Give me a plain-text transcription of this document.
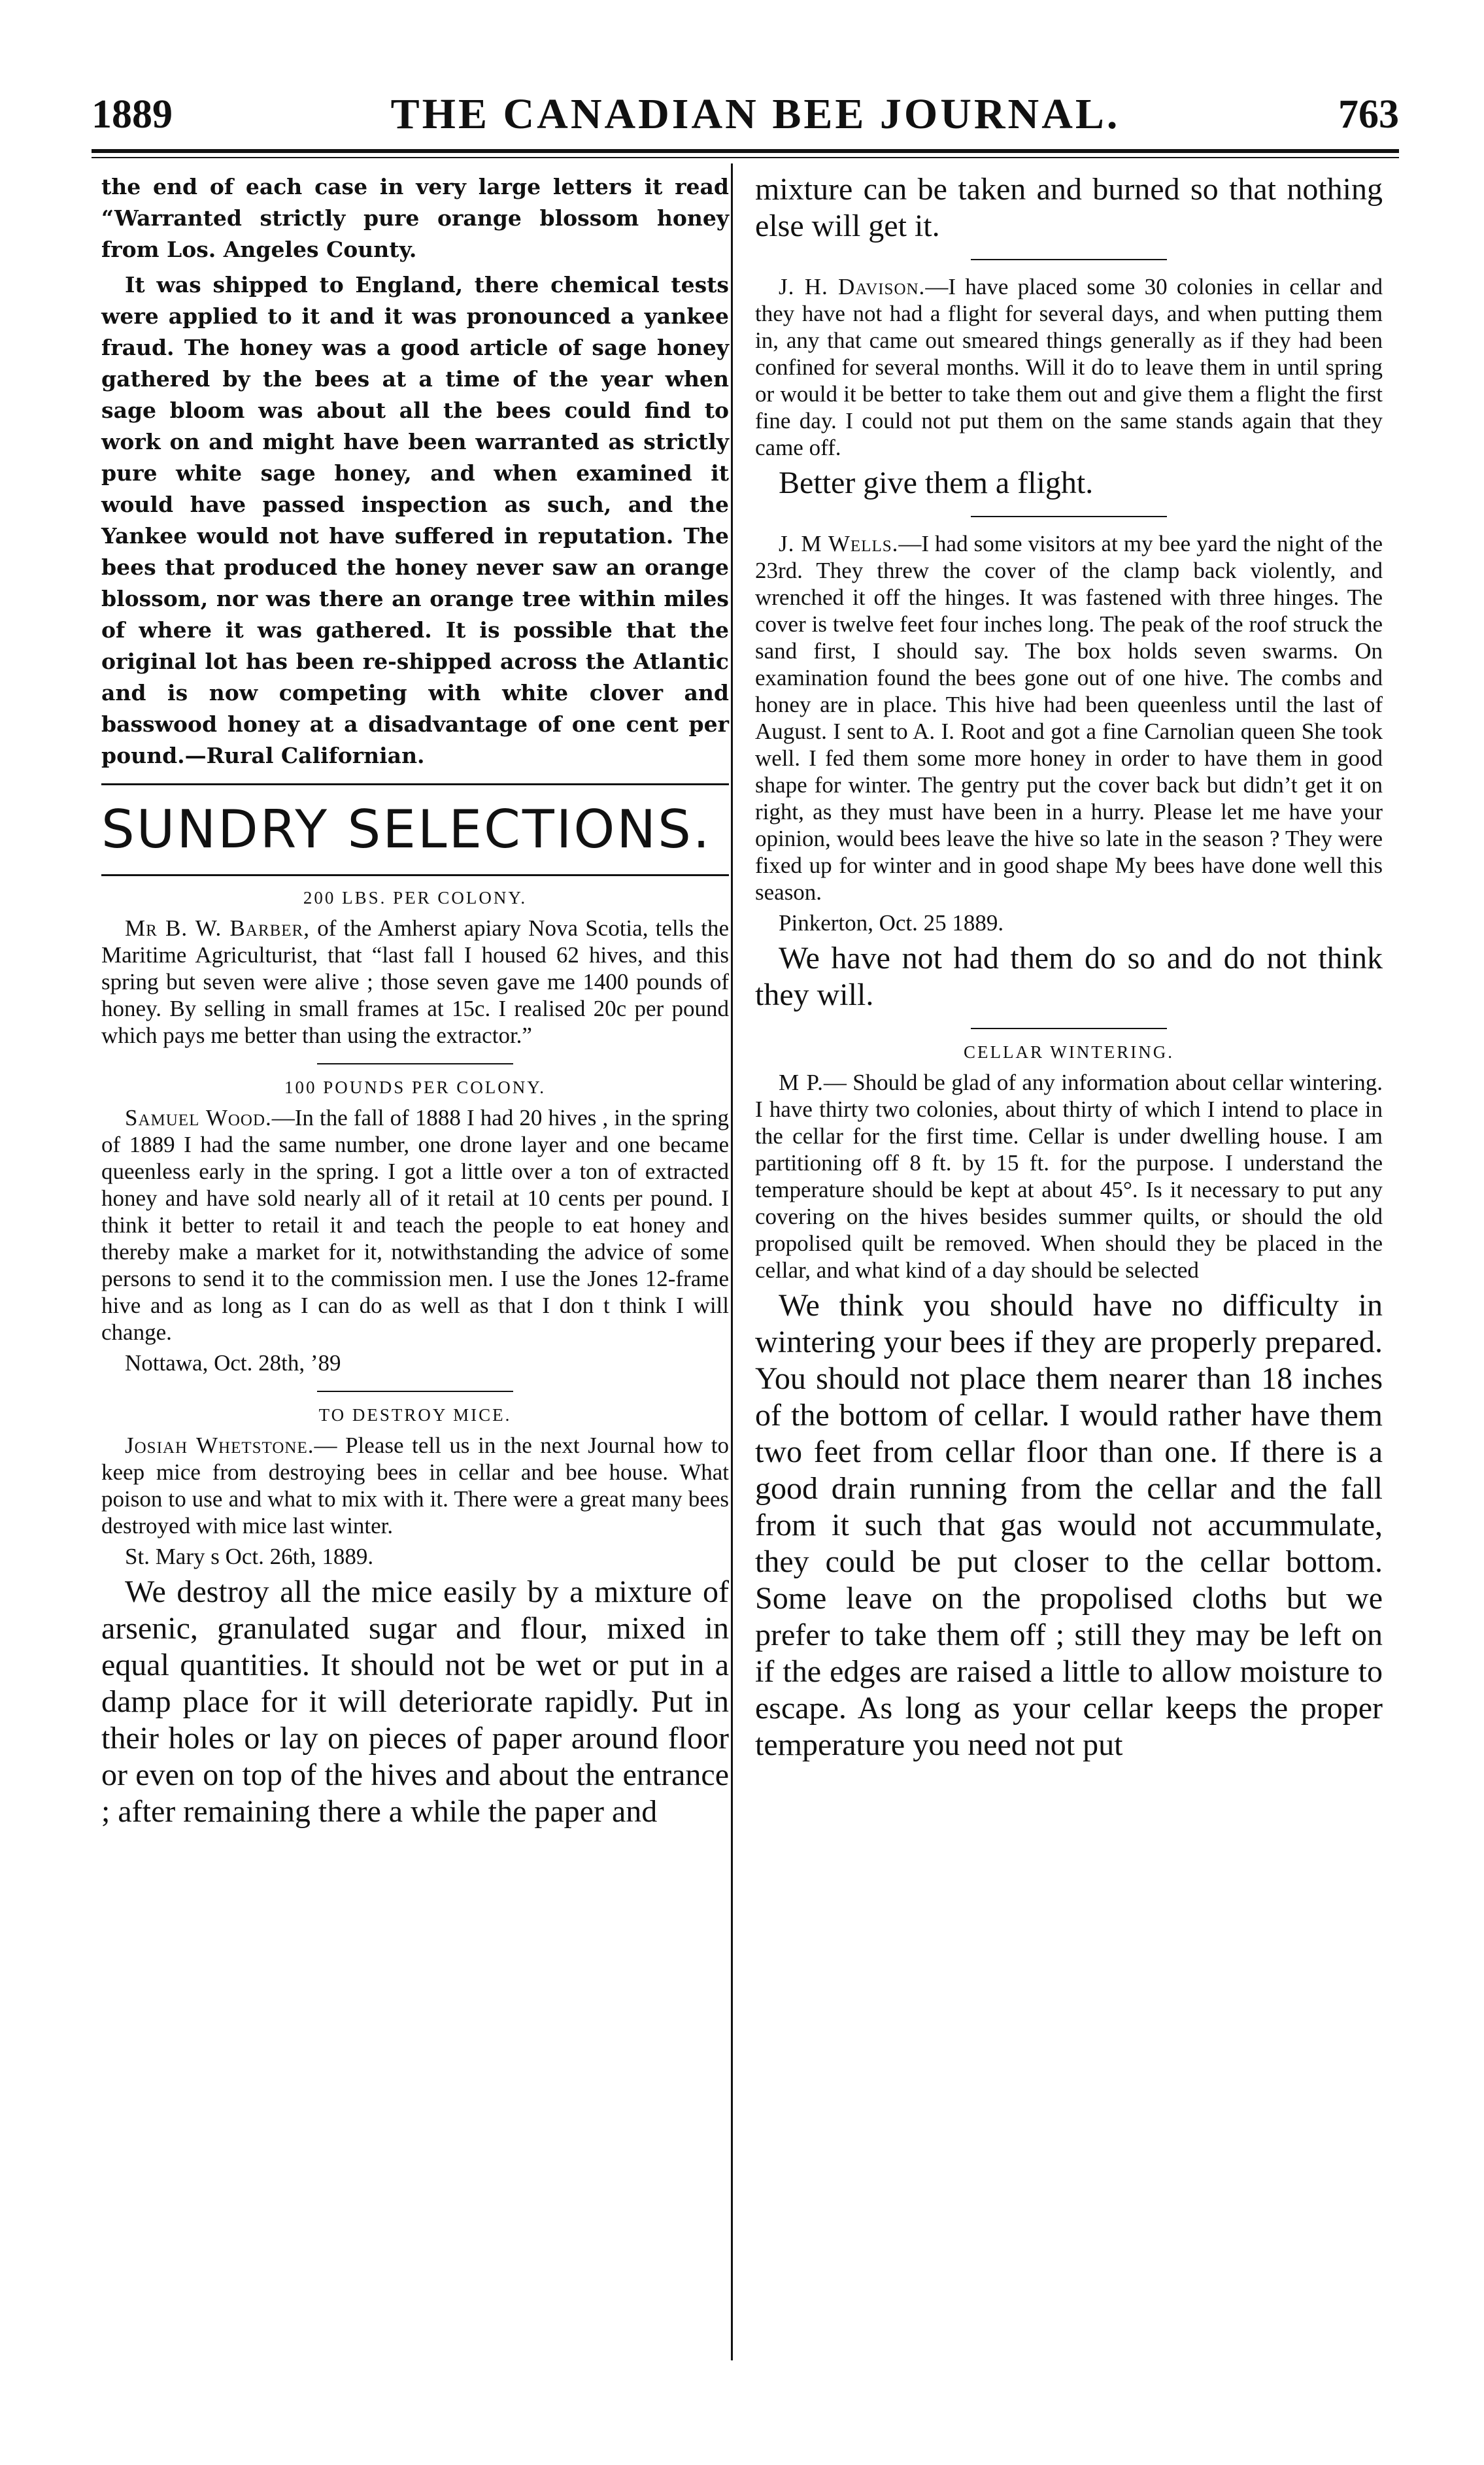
1889	THE CANADIAN BEE JOURNAL.	763

the end of each case in very large letters it read “Warranted strictly pure orange blossom honey from Los. Angeles County.

It was shipped to England, there chemical tests were applied to it and it was pronounced a yankee fraud. The honey was a good article of sage honey gathered by the bees at a time of the year when sage bloom was about all the bees could find to work on and might have been warranted as strictly pure white sage honey, and when examined it would have passed inspection as such, and the Yankee would not have suffered in reputation. The bees that produced the honey never saw an orange blossom, nor was there an orange tree within miles of where it was gathered. It is possible that the original lot has been re-shipped across the Atlantic and is now competing with white clover and basswood honey at a disadvantage of one cent per pound.—Rural Californian.

SUNDRY SELECTIONS.
200 LBS. PER COLONY.

Mr B. W. Barber, of the Amherst apiary Nova Scotia, tells the Maritime Agriculturist, that “last fall I housed 62 hives, and this spring but seven were alive ; those seven gave me 1400 pounds of honey. By selling in small frames at 15c. I realised 20c per pound which pays me better than using the extractor.”

100 POUNDS PER COLONY.

Samuel Wood.—In the fall of 1888 I had 20 hives , in the spring of 1889 I had the same number, one drone layer and one became queenless early in the spring. I got a little over a ton of extracted honey and have sold nearly all of it retail at 10 cents per pound. I think it better to retail it and teach the people to eat honey and thereby make a market for it, notwithstanding the advice of some persons to send it to the commission men. I use the Jones 12-frame hive and as long as I can do as well as that I don t think I will change.

Nottawa, Oct. 28th, ’89

TO DESTROY MICE.

Josiah Whetstone.— Please tell us in the next Journal how to keep mice from destroying bees in cellar and bee house. What poison to use and what to mix with it. There were a great many bees destroyed with mice last winter.

St. Mary s Oct. 26th, 1889.

We destroy all the mice easily by a mixture of arsenic, granulated sugar and flour, mixed in equal quantities. It should not be wet or put in a damp place for it will deteriorate rapidly. Put in their holes or lay on pieces of paper around floor or even on top of the hives and about the entrance ; after remaining there a while the paper and

mixture can be taken and burned so that nothing else will get it.

J. H. Davison.—I have placed some 30 colonies in cellar and they have not had a flight for several days, and when putting them in, any that came out smeared things generally as if they had been confined for several months. Will it do to leave them in until spring or would it be better to take them out and give them a flight the first fine day. I could not put them on the same stands again that they came off.

Better give them a flight.

J. M Wells.—I had some visitors at my bee yard the night of the 23rd. They threw the cover of the clamp back violently, and wrenched it off the hinges. It was fastened with three hinges. The cover is twelve feet four inches long. The peak of the roof struck the sand first, I should say. The box holds seven swarms. On examination found the bees gone out of one hive. The combs and honey are in place. This hive had been queenless until the last of August. I sent to A. I. Root and got a fine Carnolian queen She took well. I fed them some more honey in order to have them in good shape for winter. The gentry put the cover back but didn’t get it on right, as they must have been in a hurry. Please let me have your opinion, would bees leave the hive so late in the season ? They were fixed up for winter and in good shape My bees have done well this season.

Pinkerton, Oct. 25 1889.

We have not had them do so and do not think they will.

CELLAR WINTERING.

M P.— Should be glad of any information about cellar wintering. I have thirty two colonies, about thirty of which I intend to place in the cellar for the first time. Cellar is under dwelling house. I am partitioning off 8 ft. by 15 ft. for the purpose. I understand the temperature should be kept at about 45°. Is it necessary to put any covering on the hives besides summer quilts, or should the old propolised quilt be removed. When should they be placed in the cellar, and what kind of a day should be selected

We think you should have no difficulty in wintering your bees if they are properly prepared. You should not place them nearer than 18 inches of the bottom of cellar. I would rather have them two feet from cellar floor than one. If there is a good drain running from the cellar and the fall from it such that gas would not accummulate, they could be put closer to the cellar bottom. Some leave on the propolised cloths but we prefer to take them off ; still they may be left on if the edges are raised a little to allow moisture to escape. As long as your cellar keeps the proper temperature you need not put
